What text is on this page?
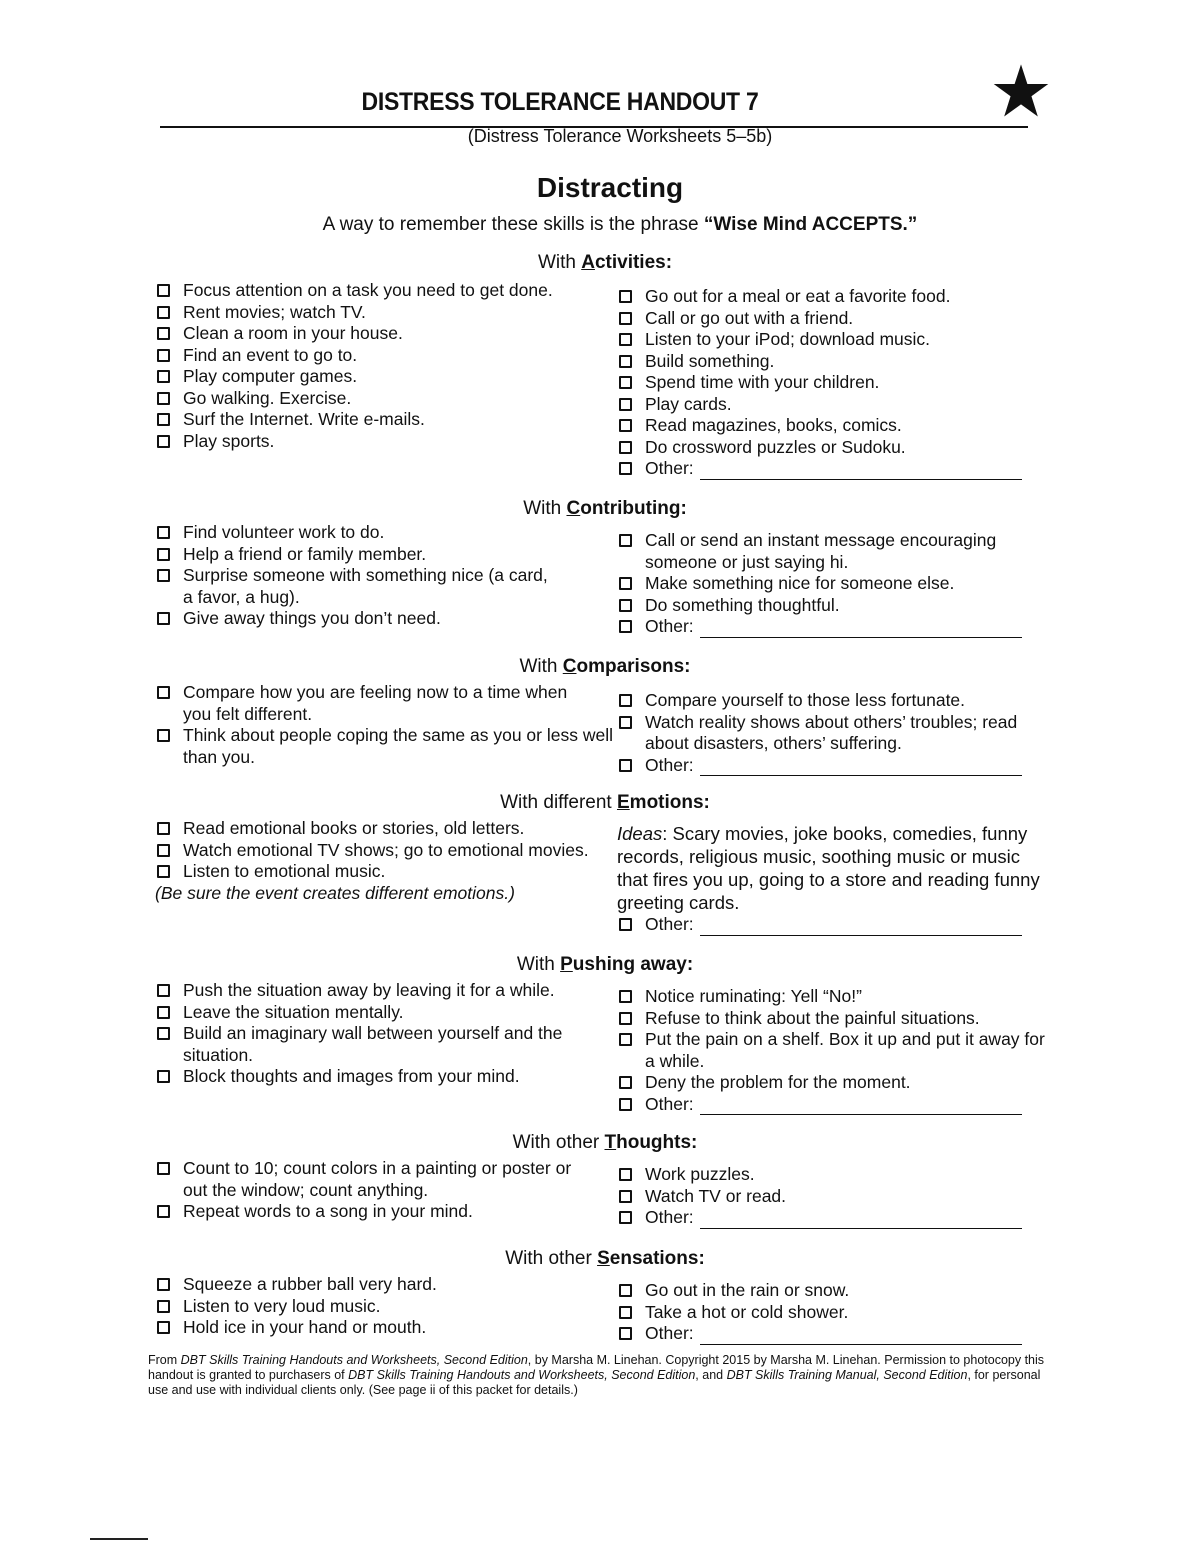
DISTRESS TOLERANCE HANDOUT 7
(Distress Tolerance Worksheets 5–5b)
Distracting
A way to remember these skills is the phrase “Wise Mind ACCEPTS.”
With Activities:
Focus attention on a task you need to get done.
Rent movies; watch TV.
Clean a room in your house.
Find an event to go to.
Play computer games.
Go walking. Exercise.
Surf the Internet. Write e-mails.
Play sports.
Go out for a meal or eat a favorite food.
Call or go out with a friend.
Listen to your iPod; download music.
Build something.
Spend time with your children.
Play cards.
Read magazines, books, comics.
Do crossword puzzles or Sudoku.
Other:
With Contributing:
Find volunteer work to do.
Help a friend or family member.
Surprise someone with something nice (a card, a favor, a hug).
Give away things you don’t need.
Call or send an instant message encouraging someone or just saying hi.
Make something nice for someone else.
Do something thoughtful.
Other:
With Comparisons:
Compare how you are feeling now to a time when you felt different.
Think about people coping the same as you or less well than you.
Compare yourself to those less fortunate.
Watch reality shows about others’ troubles; read about disasters, others’ suffering.
Other:
With different Emotions:
Read emotional books or stories, old letters.
Watch emotional TV shows; go to emotional movies.
Listen to emotional music.
(Be sure the event creates different emotions.)
Ideas: Scary movies, joke books, comedies, funny records, religious music, soothing music or music that fires you up, going to a store and reading funny greeting cards.
Other:
With Pushing away:
Push the situation away by leaving it for a while.
Leave the situation mentally.
Build an imaginary wall between yourself and the situation.
Block thoughts and images from your mind.
Notice ruminating: Yell “No!”
Refuse to think about the painful situations.
Put the pain on a shelf. Box it up and put it away for a while.
Deny the problem for the moment.
Other:
With other Thoughts:
Count to 10; count colors in a painting or poster or out the window; count anything.
Repeat words to a song in your mind.
Work puzzles.
Watch TV or read.
Other:
With other Sensations:
Squeeze a rubber ball very hard.
Listen to very loud music.
Hold ice in your hand or mouth.
Go out in the rain or snow.
Take a hot or cold shower.
Other:
From DBT Skills Training Handouts and Worksheets, Second Edition, by Marsha M. Linehan. Copyright 2015 by Marsha M. Linehan. Permission to photocopy this handout is granted to purchasers of DBT Skills Training Handouts and Worksheets, Second Edition, and DBT Skills Training Manual, Second Edition, for personal use and use with individual clients only. (See page ii of this packet for details.)
